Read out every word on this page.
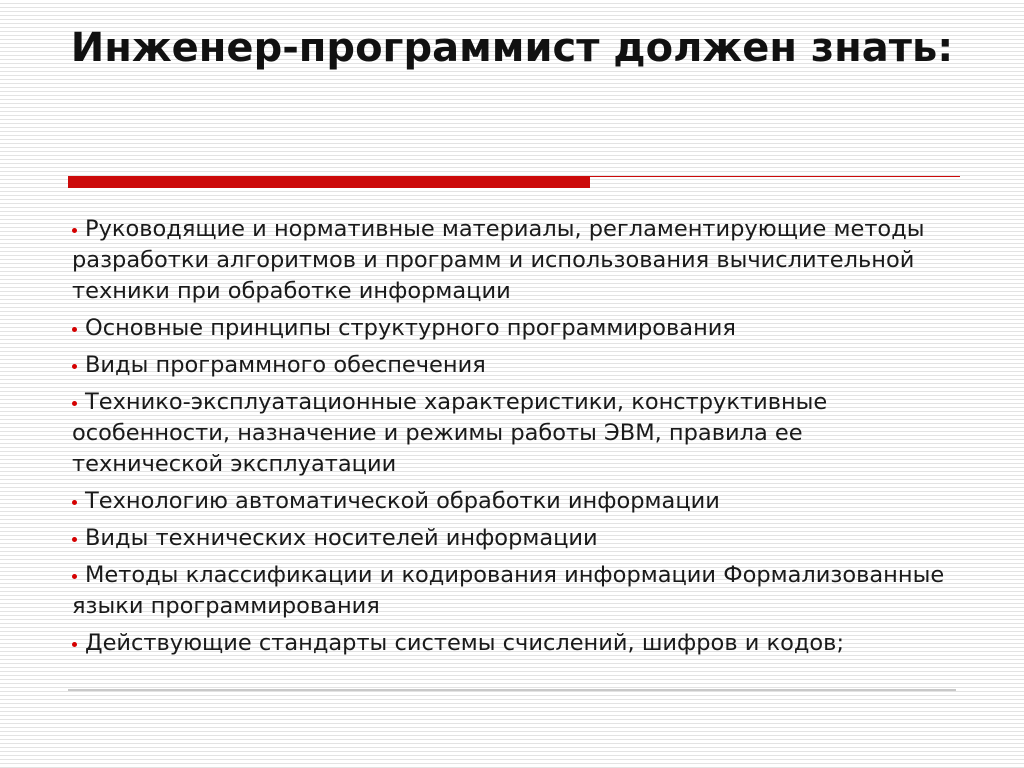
Инженер-программист должен знать:
Руководящие и нормативные материалы, регламентирующие методы разработки алгоритмов и программ и использования вычислительной техники при обработке информации
Основные принципы структурного программирования
Виды программного обеспечения
Технико-эксплуатационные характеристики, конструктивные особенности, назначение и режимы работы ЭВМ, правила ее технической эксплуатации
Технологию автоматической обработки информации
Виды технических носителей информации
Методы классификации и кодирования информации Формализованные языки программирования
Действующие стандарты системы счислений, шифров и кодов;
